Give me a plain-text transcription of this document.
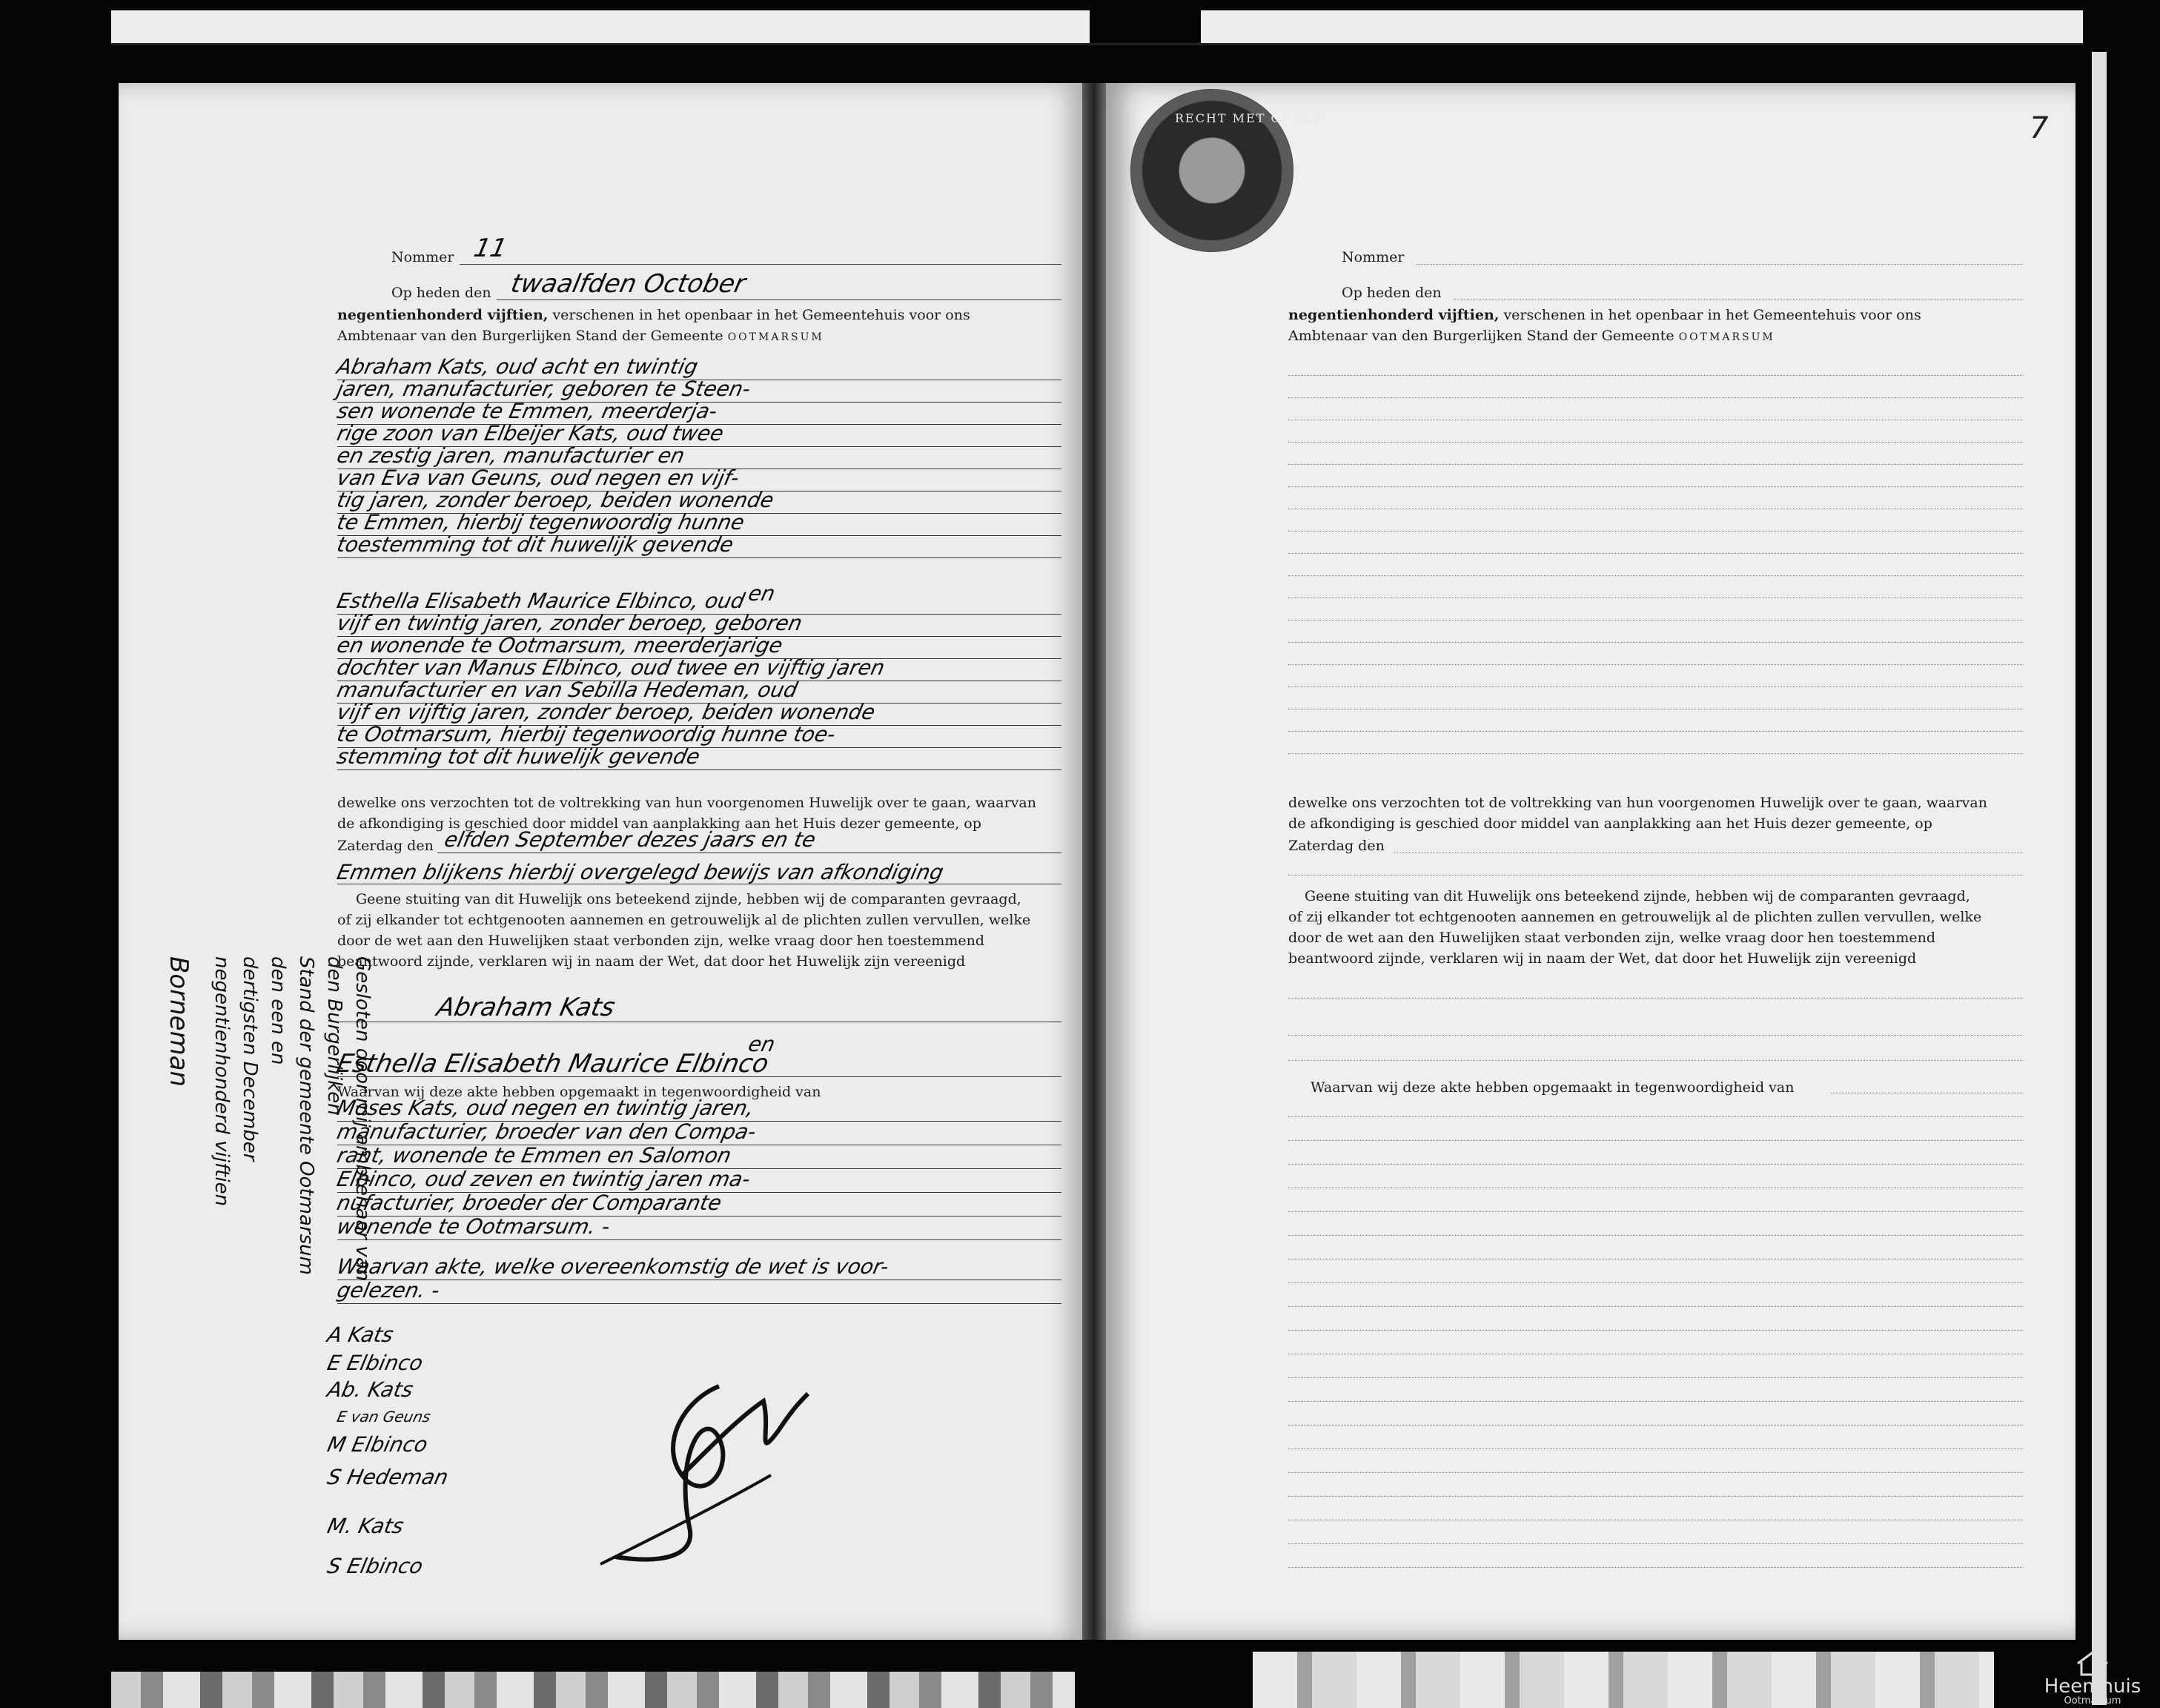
Nommer 11
Op heden den twaalfden October
negentienhonderd vijftien, verschenen in het openbaar in het Gemeentehuis voor ons
Ambtenaar van den Burgerlijken Stand der Gemeente OOTMARSUM
Abraham Kats, oud acht en twintig
jaren, manufacturier, geboren te Steen-
sen wonende te Emmen, meerderja-
rige zoon van Elbeijer Kats, oud twee
en zestig jaren, manufacturier en
van Eva van Geuns, oud negen en vijf-
tig jaren, zonder beroep, beiden wonende
te Emmen, hierbij tegenwoordig hunne
toestemming tot dit huwelijk gevende
en
Esthella Elisabeth Maurice Elbinco, oud
vijf en twintig jaren, zonder beroep, geboren
en wonende te Ootmarsum, meerderjarige
dochter van Manus Elbinco, oud twee en vijftig jaren
manufacturier en van Sebilla Hedeman, oud
vijf en vijftig jaren, zonder beroep, beiden wonende
te Ootmarsum, hierbij tegenwoordig hunne toe-
stemming tot dit huwelijk gevende
dewelke ons verzochten tot de voltrekking van hun voorgenomen Huwelijk over te gaan, waarvan
de afkondiging is geschied door middel van aanplakking aan het Huis dezer gemeente, op
Zaterdag den elfden September dezes jaars en te
Emmen blijkens hierbij overgelegd bewijs van afkondiging
Geene stuiting van dit Huwelijk ons beteekend zijnde, hebben wij de comparanten gevraagd,
of zij elkander tot echtgenooten aannemen en getrouwelijk al de plichten zullen vervullen, welke
door de wet aan den Huwelijken staat verbonden zijn, welke vraag door hen toestemmend
beantwoord zijnde, verklaren wij in naam der Wet, dat door het Huwelijk zijn vereenigd
Abraham Kats
en
Esthella Elisabeth Maurice Elbinco
Waarvan wij deze akte hebben opgemaakt in tegenwoordigheid van
Moses Kats, oud negen en twintig jaren,
manufacturier, broeder van den Compa-
rant, wonende te Emmen en Salomon
Elbinco, oud zeven en twintig jaren ma-
nufacturier, broeder der Comparante
wonende te Ootmarsum. -
Waarvan akte, welke overeenkomstig de wet is voor-
gelezen. -
A Kats
E Elbinco
Ab. Kats
E van Geuns
M Elbinco
S Hedeman
M. Kats
S Elbinco
Gesloten door mij ambtenaar van den Burgerlijken
Stand der gemeente Ootmarsum den een en
dertigsten December negentienhonderd vijftien
Borneman
RECHT MET OPGEW	7
Nommer
Op heden den
negentienhonderd vijftien, verschenen in het openbaar in het Gemeentehuis voor ons
Ambtenaar van den Burgerlijken Stand der Gemeente OOTMARSUM
dewelke ons verzochten tot de voltrekking van hun voorgenomen Huwelijk over te gaan, waarvan
de afkondiging is geschied door middel van aanplakking aan het Huis dezer gemeente, op
Zaterdag den
Geene stuiting van dit Huwelijk ons beteekend zijnde, hebben wij de comparanten gevraagd,
of zij elkander tot echtgenooten aannemen en getrouwelijk al de plichten zullen vervullen, welke
door de wet aan den Huwelijken staat verbonden zijn, welke vraag door hen toestemmend
beantwoord zijnde, verklaren wij in naam der Wet, dat door het Huwelijk zijn vereenigd
Waarvan wij deze akte hebben opgemaakt in tegenwoordigheid van
Heemhuis
Ootmarsum
